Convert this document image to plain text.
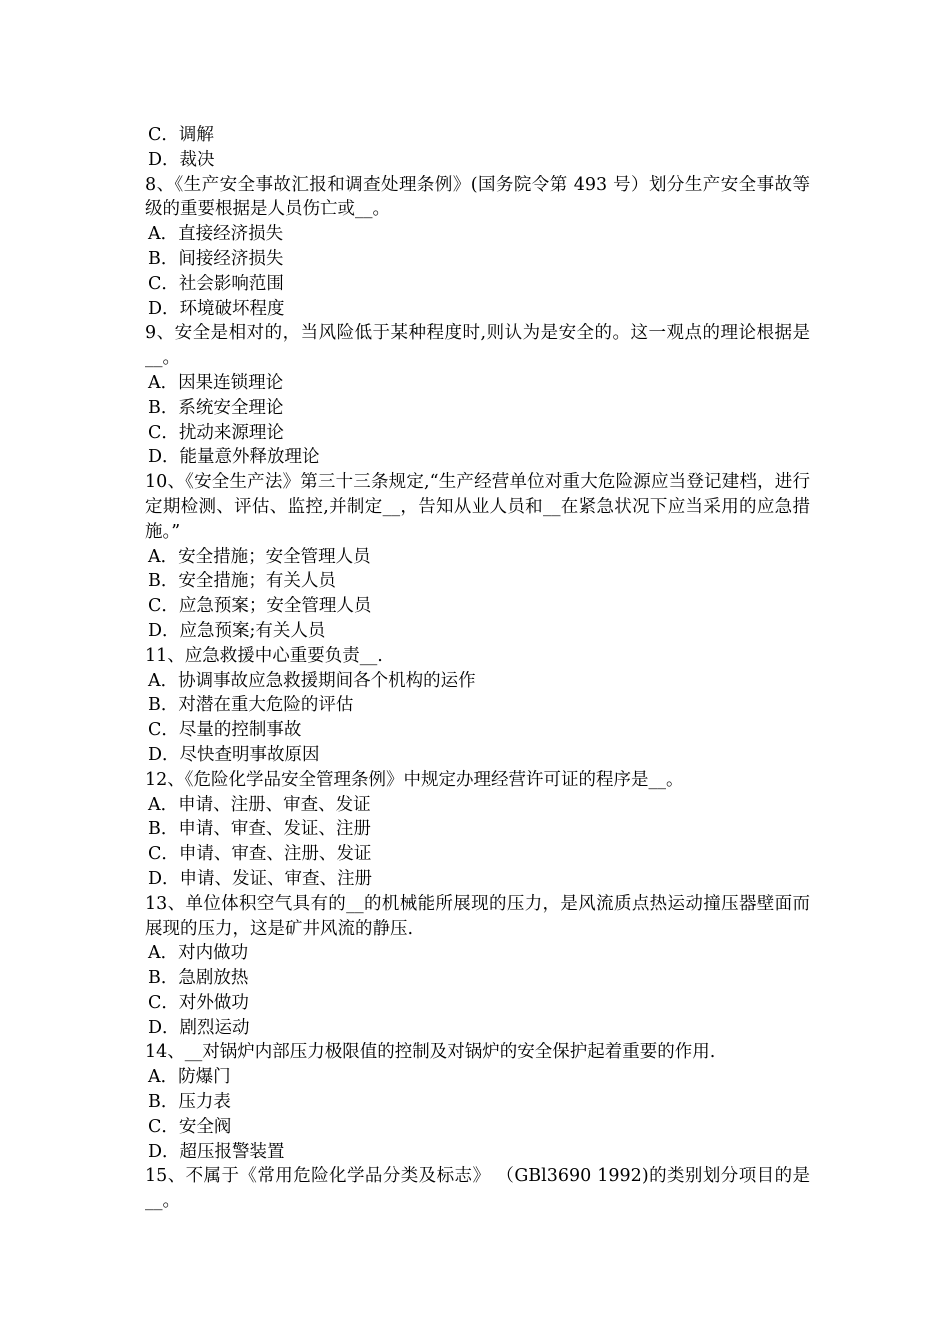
C．调解
D．裁决
8、《生产安全事故汇报和调查处理条例》(国务院令第 493 号）划分生产安全事故等级的重要根据是人员伤亡或__。
A．直接经济损失
B．间接经济损失
C．社会影响范围
D．环境破坏程度
9、安全是相对的，当风险低于某种程度时,则认为是安全的。这一观点的理论根据是__。
A．因果连锁理论
B．系统安全理论
C．扰动来源理论
D．能量意外释放理论
10、《安全生产法》第三十三条规定,“生产经营单位对重大危险源应当登记建档，进行定期检测、评估、监控,并制定__，告知从业人员和__在紧急状况下应当采用的应急措施。”
A．安全措施；安全管理人员
B．安全措施；有关人员
C．应急预案；安全管理人员
D．应急预案;有关人员
11、应急救援中心重要负责__.
A．协调事故应急救援期间各个机构的运作
B．对潜在重大危险的评估
C．尽量的控制事故
D．尽快查明事故原因
12、《危险化学品安全管理条例》中规定办理经营许可证的程序是__。
A．申请、注册、审查、发证
B．申请、审查、发证、注册
C．申请、审查、注册、发证
D．申请、发证、审查、注册
13、单位体积空气具有的__的机械能所展现的压力，是风流质点热运动撞压器壁面而展现的压力，这是矿井风流的静压.
A．对内做功
B．急剧放热
C．对外做功
D．剧烈运动
14、__对锅炉内部压力极限值的控制及对锅炉的安全保护起着重要的作用.
A．防爆门
B．压力表
C．安全阀
D．超压报警装置
15、不属于《常用危险化学品分类及标志》 （GBl3690 1992)的类别划分项目的是__。
